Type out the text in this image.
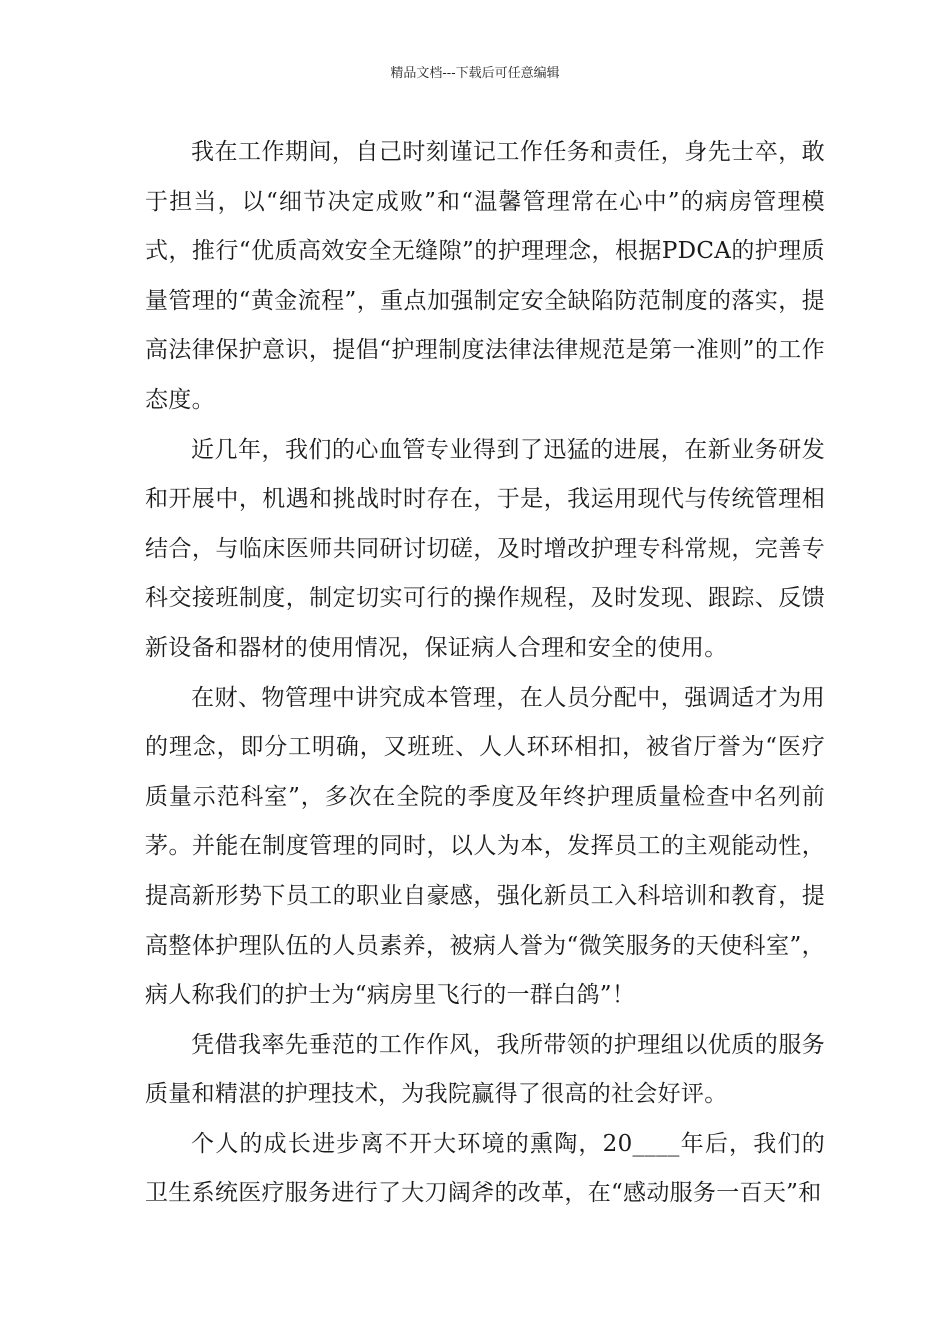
精品文档---下载后可任意编辑

我在工作期间，自己时刻谨记工作任务和责任，身先士卒，敢于担当，以“细节决定成败”和“温馨管理常在心中”的病房管理模式，推行“优质高效安全无缝隙”的护理理念，根据PDCA的护理质量管理的“黄金流程”，重点加强制定安全缺陷防范制度的落实，提高法律保护意识，提倡“护理制度法律法律规范是第一准则”的工作态度。

近几年，我们的心血管专业得到了迅猛的进展，在新业务研发和开展中，机遇和挑战时时存在，于是，我运用现代与传统管理相结合，与临床医师共同研讨切磋，及时增改护理专科常规，完善专科交接班制度，制定切实可行的操作规程，及时发现、跟踪、反馈新设备和器材的使用情况，保证病人合理和安全的使用。

在财、物管理中讲究成本管理，在人员分配中，强调适才为用的理念，即分工明确，又班班、人人环环相扣，被省厅誉为“医疗质量示范科室”，多次在全院的季度及年终护理质量检查中名列前茅。并能在制度管理的同时，以人为本，发挥员工的主观能动性，提高新形势下员工的职业自豪感，强化新员工入科培训和教育，提高整体护理队伍的人员素养，被病人誉为“微笑服务的天使科室”，病人称我们的护士为“病房里飞行的一群白鸽”！

凭借我率先垂范的工作作风，我所带领的护理组以优质的服务质量和精湛的护理技术，为我院赢得了很高的社会好评。

个人的成长进步离不开大环境的熏陶，20____年后，我们的卫生系统医疗服务进行了大刀阔斧的改革，在“感动服务一百天”和
